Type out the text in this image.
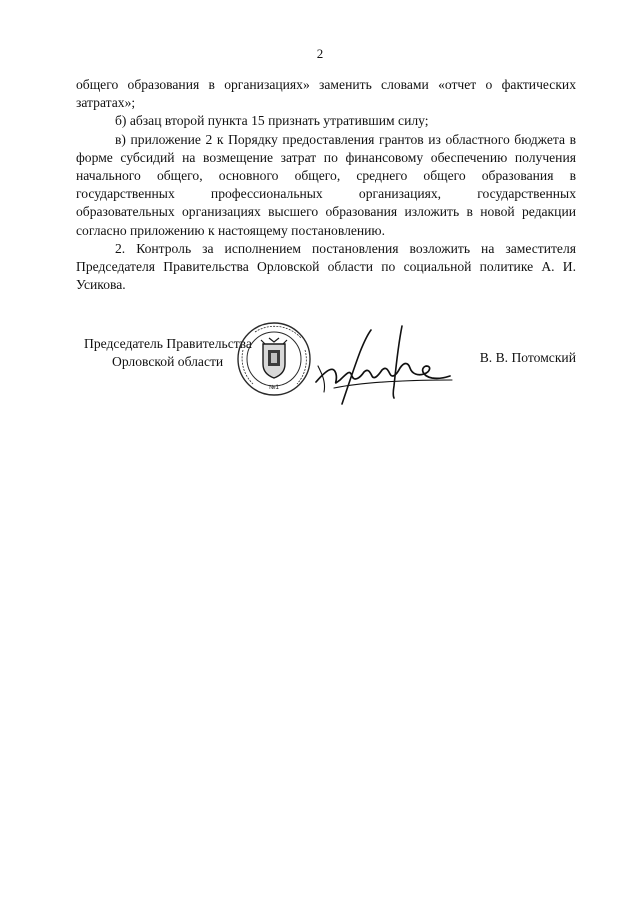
2

общего образования в организациях» заменить словами «отчет о фактических затратах»;

б) абзац второй пункта 15 признать утратившим силу;

в) приложение 2 к Порядку предоставления грантов из областного бюджета в форме субсидий на возмещение затрат по финансовому обеспечению получения начального общего, основного общего, среднего общего образования в государственных профессиональных организациях, государственных образовательных организациях высшего образования изложить в новой редакции согласно приложению к настоящему постановлению.

2. Контроль за исполнением постановления возложить на заместителя Председателя Правительства Орловской области по социальной политике А. И. Усикова.

Председатель Правительства
Орловской области
№1
В. В. Потомский
